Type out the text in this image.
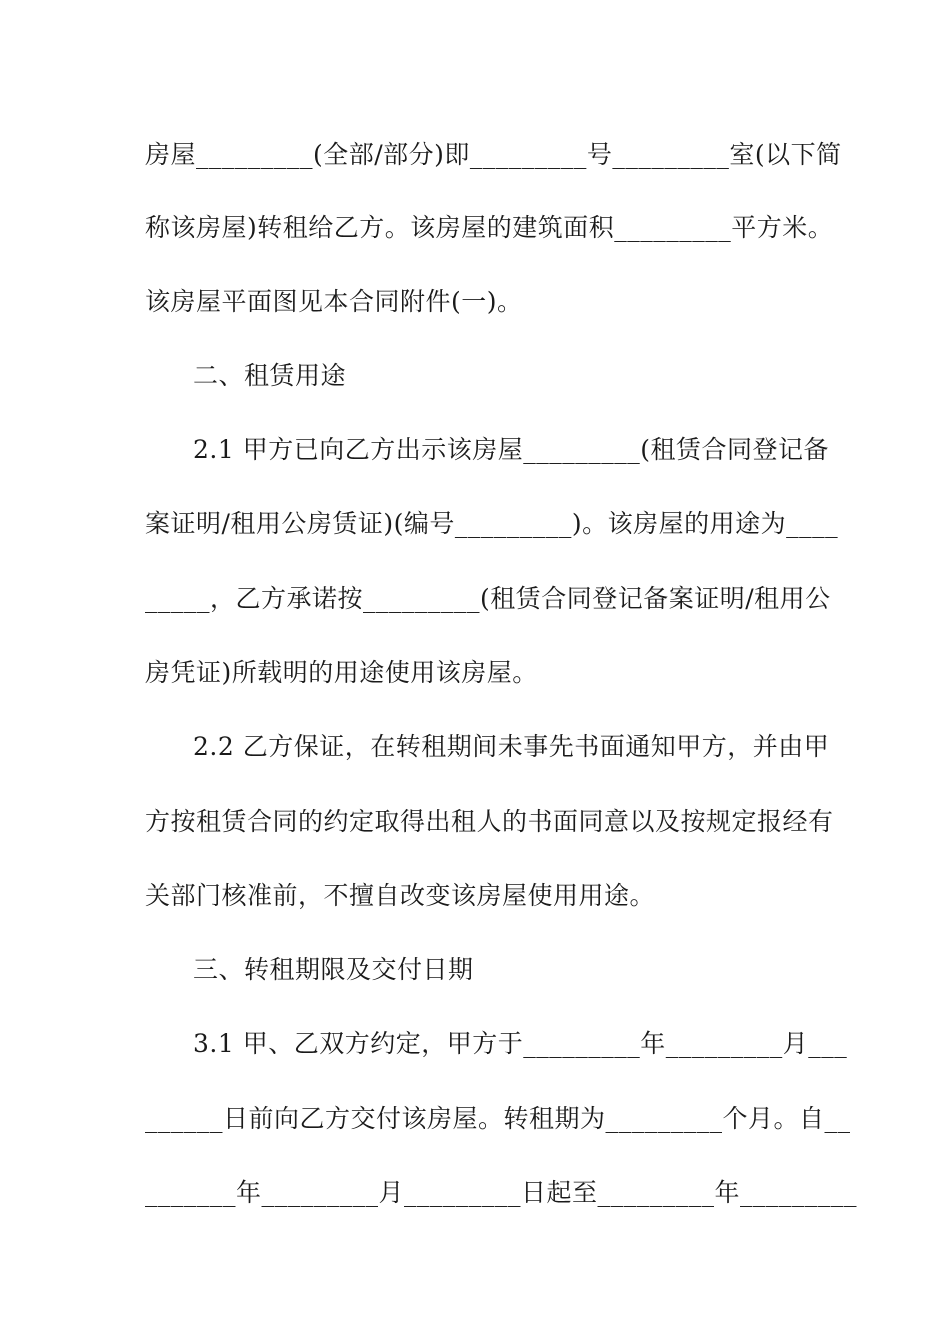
房屋_________(全部/部分)即_________号_________室(以下简
称该房屋)转租给乙方。该房屋的建筑面积_________平方米。
该房屋平面图见本合同附件(一)。
二、租赁用途
2.1 甲方已向乙方出示该房屋_________(租赁合同登记备
案证明/租用公房赁证)(编号_________)。该房屋的用途为____
_____，乙方承诺按_________(租赁合同登记备案证明/租用公
房凭证)所载明的用途使用该房屋。
2.2 乙方保证，在转租期间未事先书面通知甲方，并由甲
方按租赁合同的约定取得出租人的书面同意以及按规定报经有
关部门核准前，不擅自改变该房屋使用用途。
三、转租期限及交付日期
3.1 甲、乙双方约定，甲方于_________年_________月___
______日前向乙方交付该房屋。转租期为_________个月。自__
_______年_________月_________日起至_________年_________
